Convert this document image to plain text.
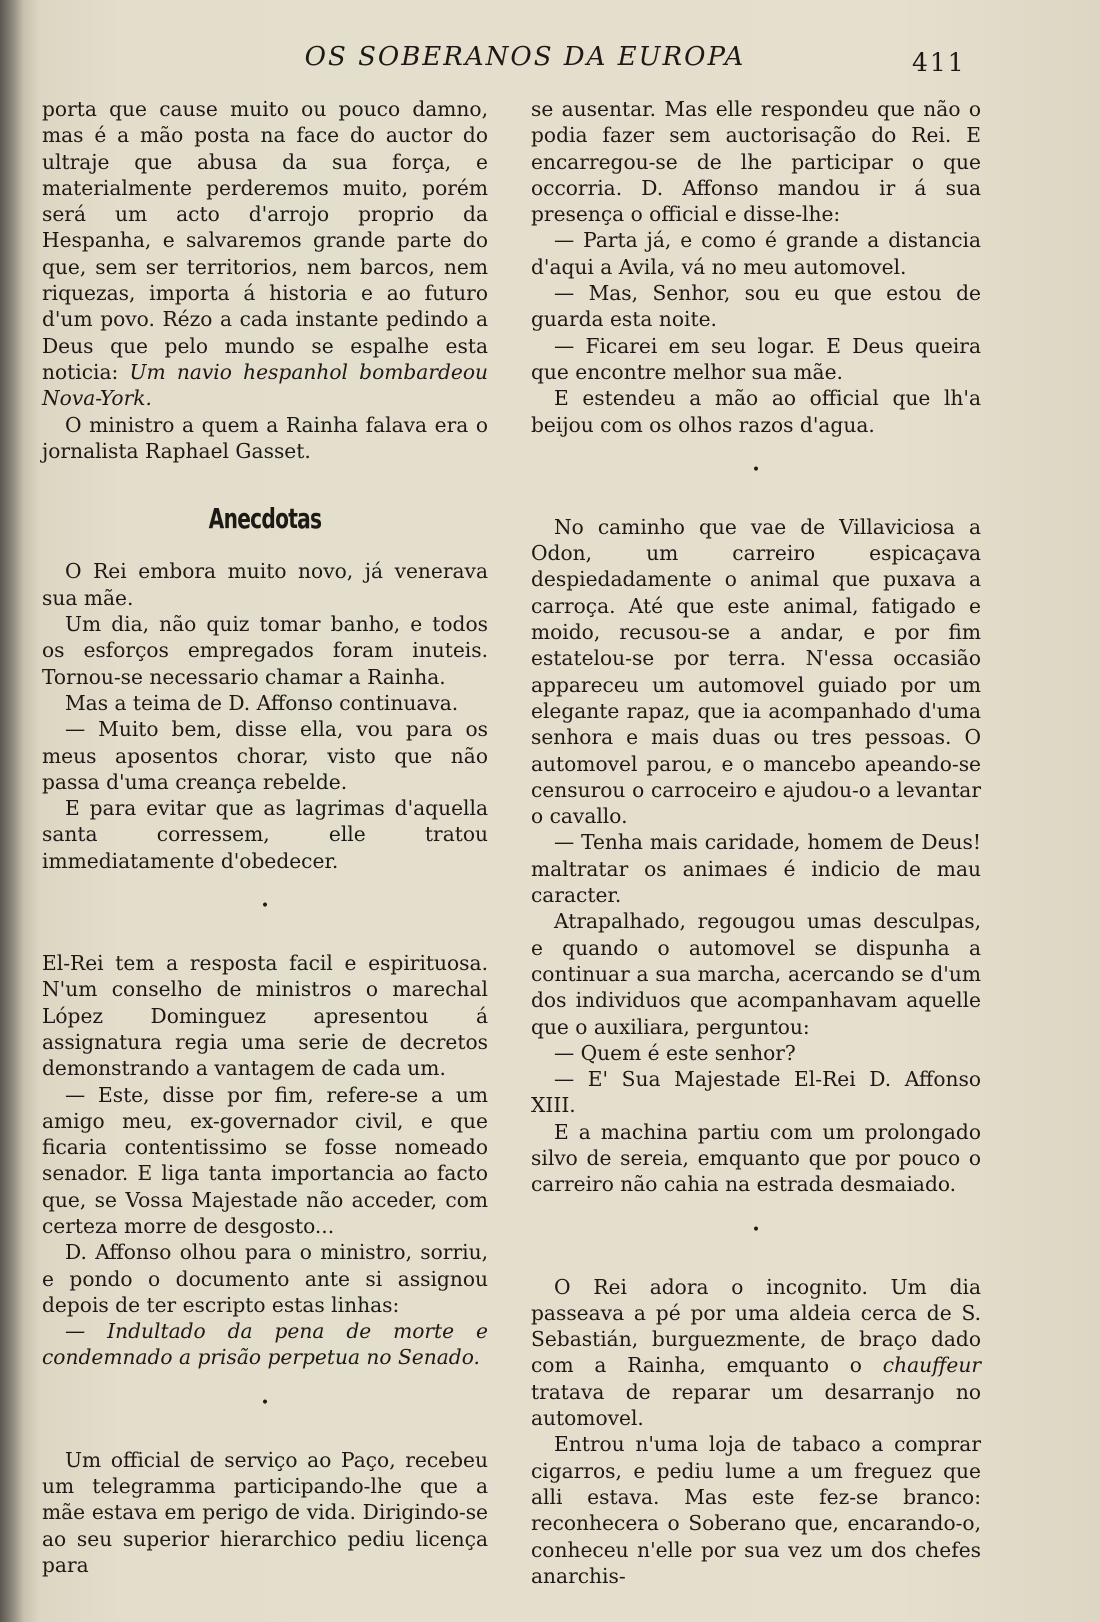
OS SOBERANOS DA EUROPA	411

porta que cause muito ou pouco damno, mas é a mão posta na face do auctor do ultraje que abusa da sua força, e materialmente perderemos muito, porém será um acto d'arrojo proprio da Hespanha, e salvaremos grande parte do que, sem ser territorios, nem barcos, nem riquezas, importa á historia e ao futuro d'um povo. Rézo a cada instante pedindo a Deus que pelo mundo se espalhe esta noticia: Um navio hespanhol bombardeou Nova-York.

O ministro a quem a Rainha falava era o jornalista Raphael Gasset.

Anecdotas

O Rei embora muito novo, já venerava sua mãe.

Um dia, não quiz tomar banho, e todos os esforços empregados foram inuteis. Tornou-se necessario chamar a Rainha.

Mas a teima de D. Affonso continuava.

— Muito bem, disse ella, vou para os meus aposentos chorar, visto que não passa d'uma creança rebelde.

E para evitar que as lagrimas d'aquella santa corressem, elle tratou immediatamente d'obedecer.

•

El-Rei tem a resposta facil e espirituosa. N'um conselho de ministros o marechal López Dominguez apresentou á assignatura regia uma serie de decretos demonstrando a vantagem de cada um.

— Este, disse por fim, refere-se a um amigo meu, ex-governador civil, e que ficaria contentissimo se fosse nomeado senador. E liga tanta importancia ao facto que, se Vossa Majestade não acceder, com certeza morre de desgosto...

D. Affonso olhou para o ministro, sorriu, e pondo o documento ante si assignou depois de ter escripto estas linhas:

— Indultado da pena de morte e condemnado a prisão perpetua no Senado.

•

Um official de serviço ao Paço, recebeu um telegramma participando-lhe que a mãe estava em perigo de vida. Dirigindo-se ao seu superior hierarchico pediu licença para

se ausentar. Mas elle respondeu que não o podia fazer sem auctorisação do Rei. E encarregou-se de lhe participar o que occorria. D. Affonso mandou ir á sua presença o official e disse-lhe:

— Parta já, e como é grande a distancia d'aqui a Avila, vá no meu automovel.

— Mas, Senhor, sou eu que estou de guarda esta noite.

— Ficarei em seu logar. E Deus queira que encontre melhor sua mãe.

E estendeu a mão ao official que lh'a beijou com os olhos razos d'agua.

•

No caminho que vae de Villaviciosa a Odon, um carreiro espicaçava despiedadamente o animal que puxava a carroça. Até que este animal, fatigado e moido, recusou-se a andar, e por fim estatelou-se por terra. N'essa occasião appareceu um automovel guiado por um elegante rapaz, que ia acompanhado d'uma senhora e mais duas ou tres pessoas. O automovel parou, e o mancebo apeando-se censurou o carroceiro e ajudou-o a levantar o cavallo.

— Tenha mais caridade, homem de Deus! maltratar os animaes é indicio de mau caracter.

Atrapalhado, regougou umas desculpas, e quando o automovel se dispunha a continuar a sua marcha, acercando se d'um dos individuos que acompanhavam aquelle que o auxiliara, perguntou:

— Quem é este senhor?

— E' Sua Majestade El-Rei D. Affonso XIII.

E a machina partiu com um prolongado silvo de sereia, emquanto que por pouco o carreiro não cahia na estrada desmaiado.

•

O Rei adora o incognito. Um dia passeava a pé por uma aldeia cerca de S. Sebastián, burguezmente, de braço dado com a Rainha, emquanto o chauffeur tratava de reparar um desarranjo no automovel.

Entrou n'uma loja de tabaco a comprar cigarros, e pediu lume a um freguez que alli estava. Mas este fez-se branco: reconhecera o Soberano que, encarando-o, conheceu n'elle por sua vez um dos chefes anarchis-
